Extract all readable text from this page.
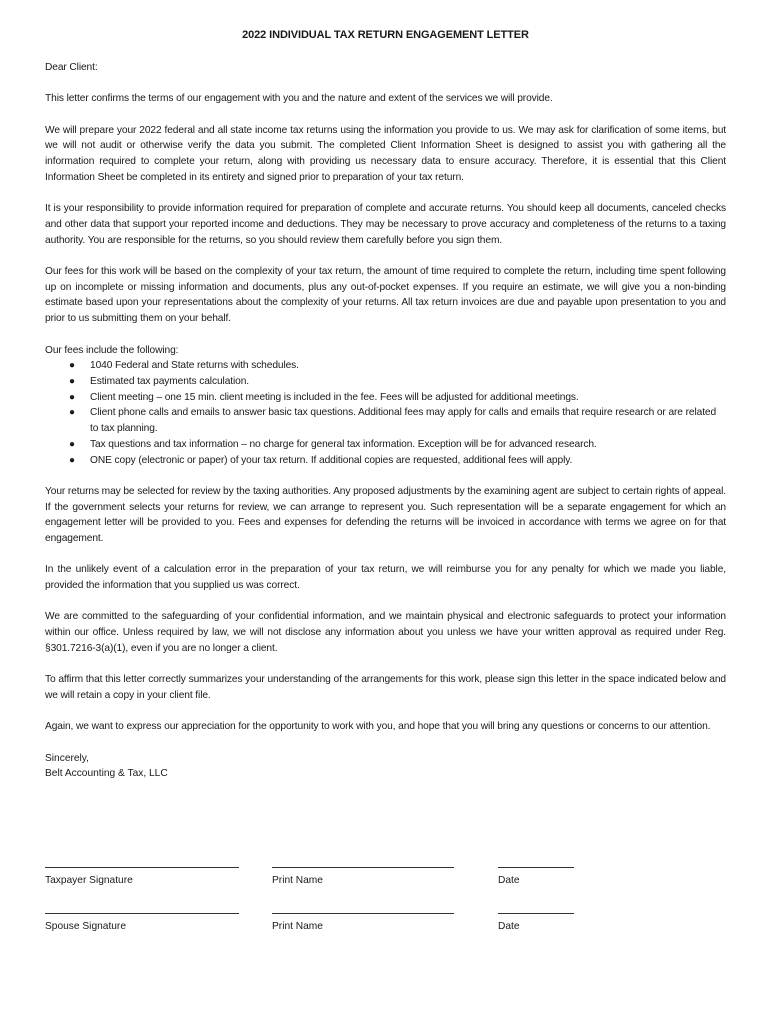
2022 INDIVIDUAL TAX RETURN ENGAGEMENT LETTER
Dear Client:
This letter confirms the terms of our engagement with you and the nature and extent of the services we will provide.
We will prepare your 2022 federal and all state income tax returns using the information you provide to us. We may ask for clarification of some items, but we will not audit or otherwise verify the data you submit. The completed Client Information Sheet is designed to assist you with gathering all the information required to complete your return, along with providing us necessary data to ensure accuracy. Therefore, it is essential that this Client Information Sheet be completed in its entirety and signed prior to preparation of your tax return.
It is your responsibility to provide information required for preparation of complete and accurate returns. You should keep all documents, canceled checks and other data that support your reported income and deductions. They may be necessary to prove accuracy and completeness of the returns to a taxing authority. You are responsible for the returns, so you should review them carefully before you sign them.
Our fees for this work will be based on the complexity of your tax return, the amount of time required to complete the return, including time spent following up on incomplete or missing information and documents, plus any out-of-pocket expenses. If you require an estimate, we will give you a non-binding estimate based upon your representations about the complexity of your returns. All tax return invoices are due and payable upon presentation to you and prior to us submitting them on your behalf.
Our fees include the following:
● 1040 Federal and State returns with schedules.
● Estimated tax payments calculation.
● Client meeting – one 15 min. client meeting is included in the fee. Fees will be adjusted for additional meetings.
● Client phone calls and emails to answer basic tax questions. Additional fees may apply for calls and emails that require research or are related to tax planning.
● Tax questions and tax information – no charge for general tax information. Exception will be for advanced research.
● ONE copy (electronic or paper) of your tax return. If additional copies are requested, additional fees will apply.
Your returns may be selected for review by the taxing authorities. Any proposed adjustments by the examining agent are subject to certain rights of appeal. If the government selects your returns for review, we can arrange to represent you. Such representation will be a separate engagement for which an engagement letter will be provided to you. Fees and expenses for defending the returns will be invoiced in accordance with terms we agree on for that engagement.
In the unlikely event of a calculation error in the preparation of your tax return, we will reimburse you for any penalty for which we made you liable, provided the information that you supplied us was correct.
We are committed to the safeguarding of your confidential information, and we maintain physical and electronic safeguards to protect your information within our office. Unless required by law, we will not disclose any information about you unless we have your written approval as required under Reg. §301.7216-3(a)(1), even if you are no longer a client.
To affirm that this letter correctly summarizes your understanding of the arrangements for this work, please sign this letter in the space indicated below and we will retain a copy in your client file.
Again, we want to express our appreciation for the opportunity to work with you, and hope that you will bring any questions or concerns to our attention.
Sincerely,
Belt Accounting & Tax, LLC
Taxpayer Signature	Print Name	Date
Spouse Signature	Print Name	Date
